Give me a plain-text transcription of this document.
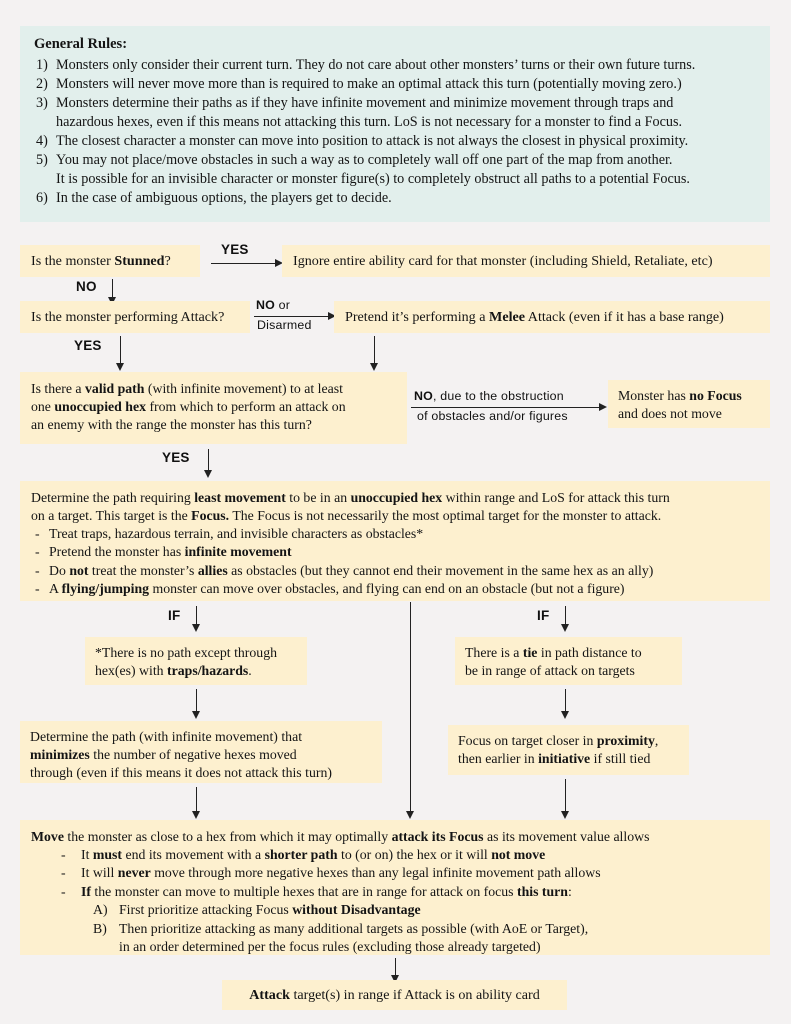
General Rules:
1) Monsters only consider their current turn. They do not care about other monsters’ turns or their own future turns.
2) Monsters will never move more than is required to make an optimal attack this turn (potentially moving zero.)
3) Monsters determine their paths as if they have infinite movement and minimize movement through traps and
hazardous hexes, even if this means not attacking this turn. LoS is not necessary for a monster to find a Focus.
4) The closest character a monster can move into position to attack is not always the closest in physical proximity.
5) You may not place/move obstacles in such a way as to completely wall off one part of the map from another.
It is possible for an invisible character or monster figure(s) to completely obstruct all paths to a potential Focus.
6) In the case of ambiguous options, the players get to decide.
Is the monster Stunned?
YES
Ignore entire ability card for that monster (including Shield, Retaliate, etc)
NO
Is the monster performing Attack?
NO or
Disarmed
Pretend it’s performing a Melee Attack (even if it has a base range)
YES
Is there a valid path (with infinite movement) to at least
one unoccupied hex from which to perform an attack on
an enemy with the range the monster has this turn?
NO, due to the obstruction
of obstacles and/or figures
Monster has no Focus
and does not move
YES
Determine the path requiring least movement to be in an unoccupied hex within range and LoS for attack this turn
on a target. This target is the Focus. The Focus is not necessarily the most optimal target for the monster to attack.
- Treat traps, hazardous terrain, and invisible characters as obstacles*
- Pretend the monster has infinite movement
- Do not treat the monster’s allies as obstacles (but they cannot end their movement in the same hex as an ally)
- A flying/jumping monster can move over obstacles, and flying can end on an obstacle (but not a figure)
IF	IF
*There is no path except through
hex(es) with traps/hazards.
There is a tie in path distance to
be in range of attack on targets
Determine the path (with infinite movement) that
minimizes the number of negative hexes moved
through (even if this means it does not attack this turn)
Focus on target closer in proximity,
then earlier in initiative if still tied
Move the monster as close to a hex from which it may optimally attack its Focus as its movement value allows
- It must end its movement with a shorter path to (or on) the hex or it will not move
- It will never move through more negative hexes than any legal infinite movement path allows
- If the monster can move to multiple hexes that are in range for attack on focus this turn:
A) First prioritize attacking Focus without Disadvantage
B) Then prioritize attacking as many additional targets as possible (with AoE or Target),
in an order determined per the focus rules (excluding those already targeted)
Attack target(s) in range if Attack is on ability card
